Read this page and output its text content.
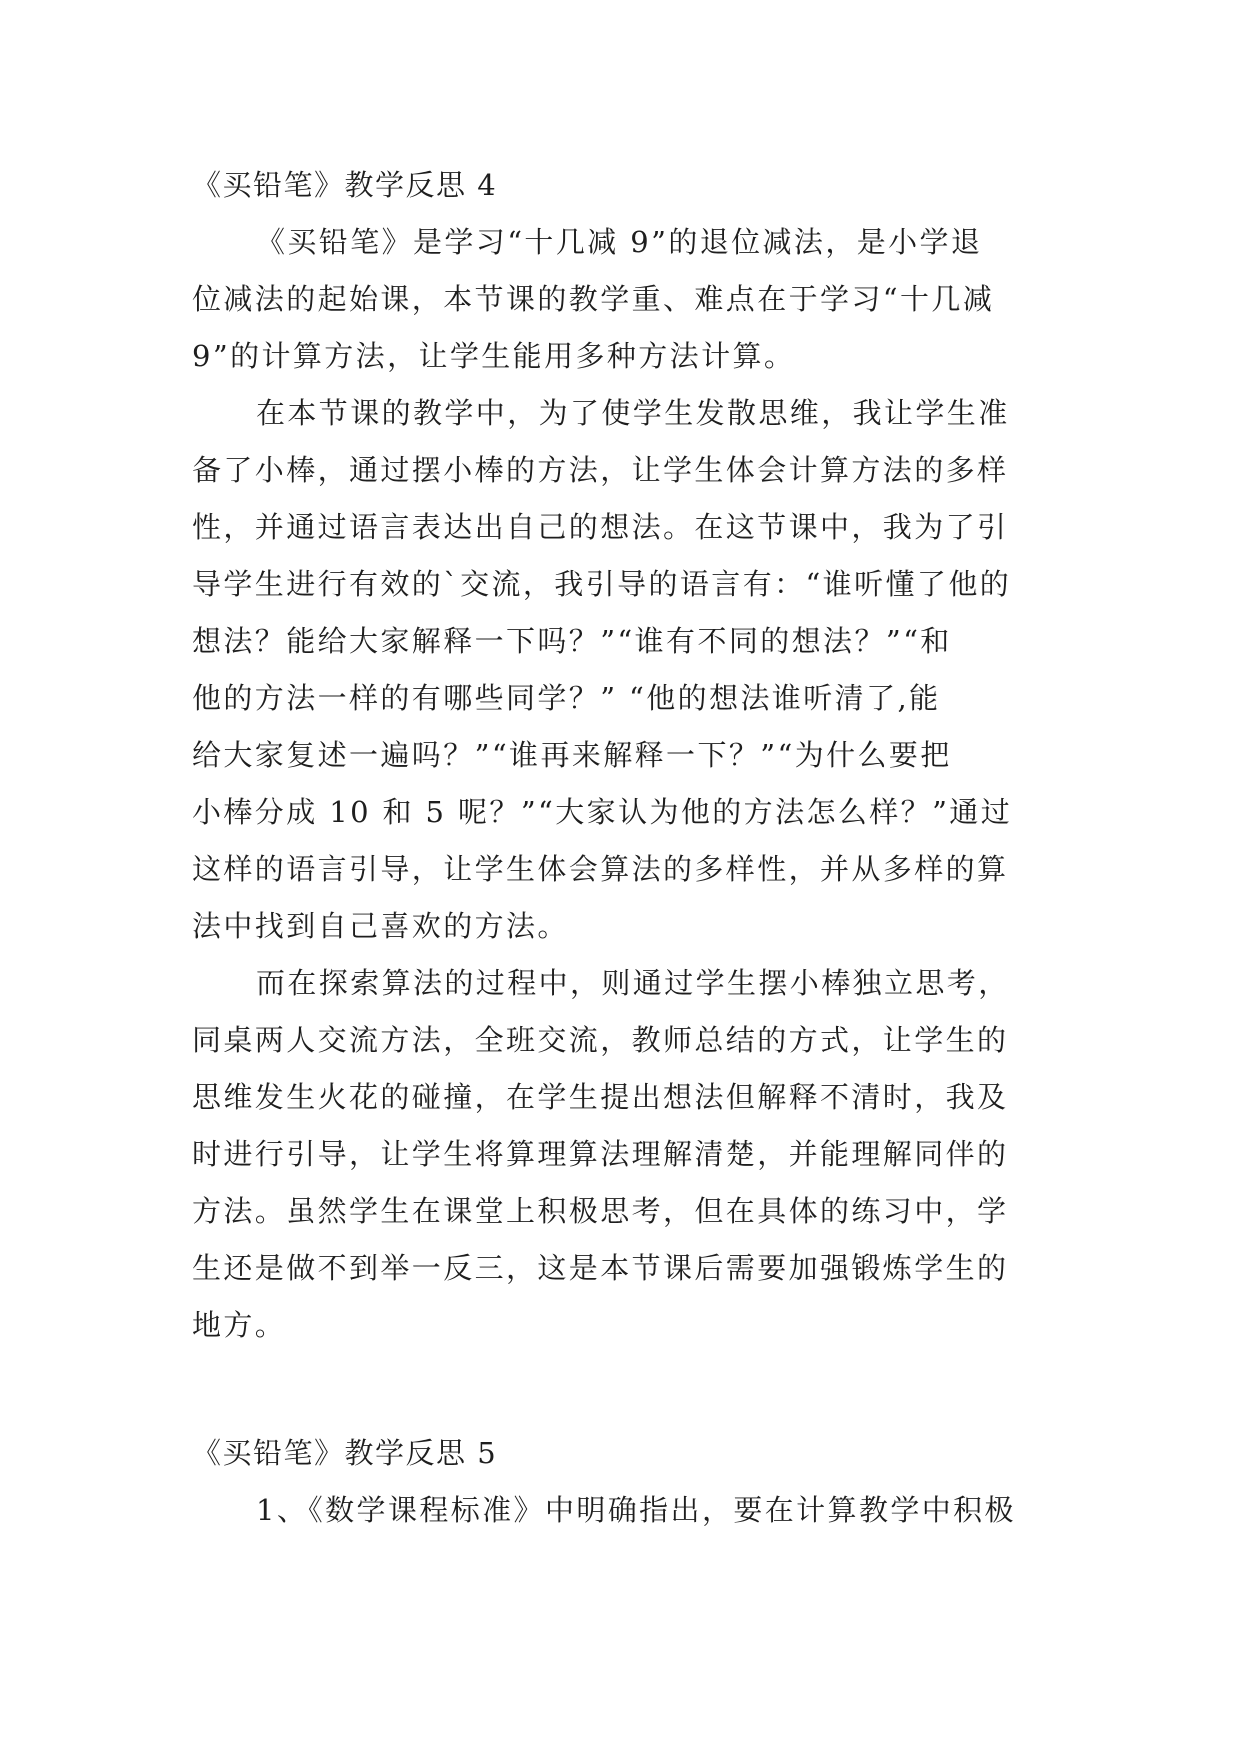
《买铅笔》教学反思 4
《买铅笔》是学习“十几减 9”的退位减法，是小学退
位减法的起始课，本节课的教学重、难点在于学习“十几减
9”的计算方法，让学生能用多种方法计算。
在本节课的教学中，为了使学生发散思维，我让学生准
备了小棒，通过摆小棒的方法，让学生体会计算方法的多样
性，并通过语言表达出自己的想法。在这节课中，我为了引
导学生进行有效的`交流，我引导的语言有：“谁听懂了他的
想法？能给大家解释一下吗？”“谁有不同的想法？”“和
他的方法一样的有哪些同学？” “他的想法谁听清了,能
给大家复述一遍吗？”“谁再来解释一下？”“为什么要把
小棒分成 10 和 5 呢？”“大家认为他的方法怎么样？”通过
这样的语言引导，让学生体会算法的多样性，并从多样的算
法中找到自己喜欢的方法。
而在探索算法的过程中，则通过学生摆小棒独立思考，
同桌两人交流方法，全班交流，教师总结的方式，让学生的
思维发生火花的碰撞，在学生提出想法但解释不清时，我及
时进行引导，让学生将算理算法理解清楚，并能理解同伴的
方法。虽然学生在课堂上积极思考，但在具体的练习中，学
生还是做不到举一反三，这是本节课后需要加强锻炼学生的
地方。
《买铅笔》教学反思 5
1、《数学课程标准》中明确指出，要在计算教学中积极
